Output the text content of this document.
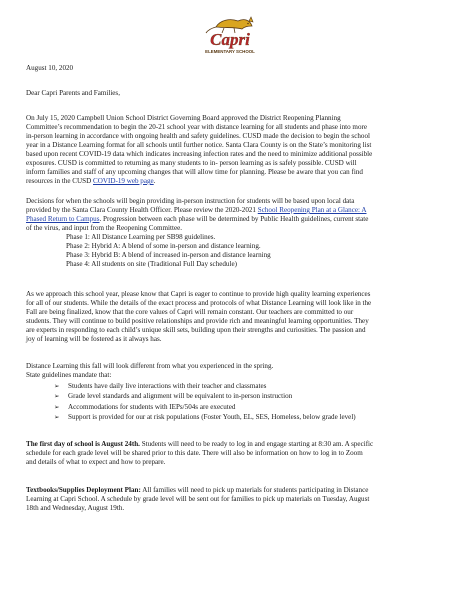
Capri
ELEMENTARY SCHOOL

August 10, 2020

Dear Capri Parents and Families,

On July 15, 2020 Campbell Union School District Governing Board approved the District Reopening Planning
Committee’s recommendation to begin the 20-21 school year with distance learning for all students and phase into more
in-person learning in accordance with ongoing health and safety guidelines. CUSD made the decision to begin the school
year in a Distance Learning format for all schools until further notice. Santa Clara County is on the State’s monitoring list
based upon recent COVID-19 data which indicates increasing infection rates and the need to minimize additional possible
exposures. CUSD is committed to returning as many students to in- person learning as is safely possible. CUSD will
inform families and staff of any upcoming changes that will allow time for planning. Please be aware that you can find
resources in the CUSD COVID-19 web page.
Decisions for when the schools will begin providing in-person instruction for students will be based upon local data
provided by the Santa Clara County Health Officer. Please review the 2020-2021 School Reopening Plan at a Glance: A
Phased Return to Campus. Progression between each phase will be determined by Public Health guidelines, current state
of the virus, and input from the Reopening Committee.
Phase 1: All Distance Learning per SB98 guidelines.
Phase 2: Hybrid A: A blend of some in-person and distance learning.
Phase 3: Hybrid B: A blend of increased in-person and distance learning
Phase 4: All students on site (Traditional Full Day schedule)
As we approach this school year, please know that Capri is eager to continue to provide high quality learning experiences
for all of our students. While the details of the exact process and protocols of what Distance Learning will look like in the
Fall are being finalized, know that the core values of Capri will remain constant. Our teachers are committed to our
students. They will continue to build positive relationships and provide rich and meaningful learning opportunities. They
are experts in responding to each child’s unique skill sets, building upon their strengths and curiosities. The passion and
joy of learning will be fostered as it always has.
Distance Learning this fall will look different from what you experienced in the spring.
State guidelines mandate that:
➢ Students have daily live interactions with their teacher and classmates
➢ Grade level standards and alignment will be equivalent to in-person instruction
➢ Accommodations for students with IEPs/504s are executed
➢ Support is provided for our at risk populations (Foster Youth, EL, SES, Homeless, below grade level)
The first day of school is August 24th. Students will need to be ready to log in and engage starting at 8:30 am. A specific
schedule for each grade level will be shared prior to this date. There will also be information on how to log in to Zoom
and details of what to expect and how to prepare.
Textbooks/Supplies Deployment Plan: All families will need to pick up materials for students participating in Distance
Learning at Capri School. A schedule by grade level will be sent out for families to pick up materials on Tuesday, August
18th and Wednesday, August 19th.
